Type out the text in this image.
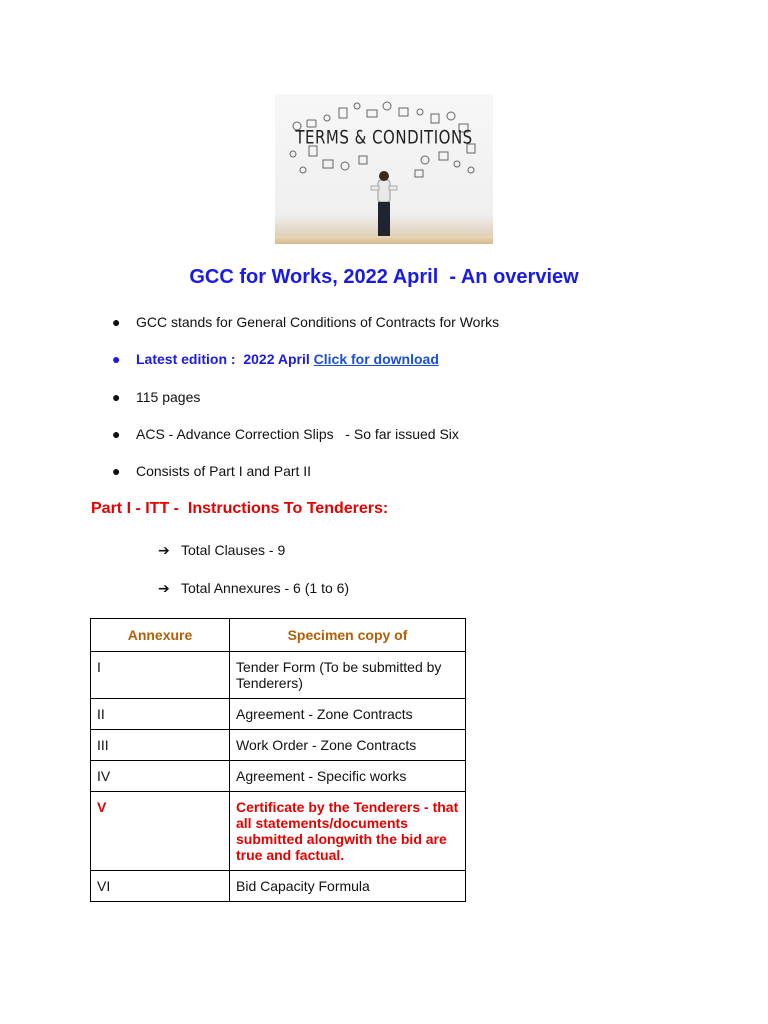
TERMS & CONDITIONS
GCC for Works, 2022 April  - An overview
● GCC stands for General Conditions of Contracts for Works
● Latest edition :  2022 April Click for download
● 115 pages
● ACS - Advance Correction Slips   - So far issued Six
● Consists of Part I and Part II
Part I - ITT -  Instructions To Tenderers:
➔ Total Clauses - 9
➔ Total Annexures - 6 (1 to 6)
Annexure	Specimen copy of
I	Tender Form (To be submitted by Tenderers)
II	Agreement - Zone Contracts
III	Work Order - Zone Contracts
IV	Agreement - Specific works
V	Certificate by the Tenderers - that all statements/documents submitted alongwith the bid are true and factual.
VI	Bid Capacity Formula
